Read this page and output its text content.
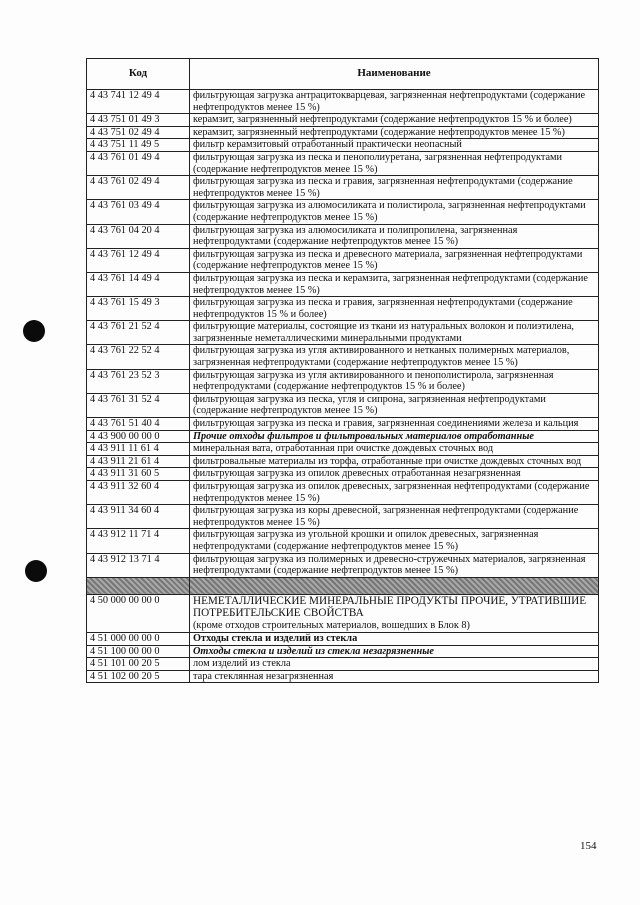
Код	Наименование
4 43 741 12 49 4	фильтрующая загрузка антрацитокварцевая, загрязненная нефтепродуктами (содержание нефтепродуктов менее 15 %)
4 43 751 01 49 3	керамзит, загрязненный нефтепродуктами (содержание нефтепродуктов 15 % и более)
4 43 751 02 49 4	керамзит, загрязненный нефтепродуктами (содержание нефтепродуктов менее 15 %)
4 43 751 11 49 5	фильтр керамзитовый отработанный практически неопасный
4 43 761 01 49 4	фильтрующая загрузка из песка и пенополиуретана, загрязненная нефтепродуктами (содержание нефтепродуктов менее 15 %)
4 43 761 02 49 4	фильтрующая загрузка из песка и гравия, загрязненная нефтепродуктами (содержание нефтепродуктов менее 15 %)
4 43 761 03 49 4	фильтрующая загрузка из алюмосиликата и полистирола, загрязненная нефтепродуктами (содержание нефтепродуктов менее 15 %)
4 43 761 04 20 4	фильтрующая загрузка из алюмосиликата и полипропилена, загрязненная нефтепродуктами (содержание нефтепродуктов менее 15 %)
4 43 761 12 49 4	фильтрующая загрузка из песка и древесного материала, загрязненная нефтепродуктами (содержание нефтепродуктов менее 15 %)
4 43 761 14 49 4	фильтрующая загрузка из песка и керамзита, загрязненная нефтепродуктами (содержание нефтепродуктов менее 15 %)
4 43 761 15 49 3	фильтрующая загрузка из песка и гравия, загрязненная нефтепродуктами (содержание нефтепродуктов 15 % и более)
4 43 761 21 52 4	фильтрующие материалы, состоящие из ткани из натуральных волокон и полиэтилена, загрязненные неметаллическими минеральными продуктами
4 43 761 22 52 4	фильтрующая загрузка из угля активированного и нетканых полимерных материалов, загрязненная нефтепродуктами (содержание нефтепродуктов менее 15 %)
4 43 761 23 52 3	фильтрующая загрузка из угля активированного и пенополистирола, загрязненная нефтепродуктами (содержание нефтепродуктов 15 % и более)
4 43 761 31 52 4	фильтрующая загрузка из песка, угля и сипрона, загрязненная нефтепродуктами (содержание нефтепродуктов менее 15 %)
4 43 761 51 40 4	фильтрующая загрузка из песка и гравия, загрязненная соединениями железа и кальция
4 43 900 00 00 0	Прочие отходы фильтров и фильтровальных материалов отработанные
4 43 911 11 61 4	минеральная вата, отработанная при очистке дождевых сточных вод
4 43 911 21 61 4	фильтровальные материалы из торфа, отработанные при очистке дождевых сточных вод
4 43 911 31 60 5	фильтрующая загрузка из опилок древесных отработанная незагрязненная
4 43 911 32 60 4	фильтрующая загрузка из опилок древесных, загрязненная нефтепродуктами (содержание нефтепродуктов менее 15 %)
4 43 911 34 60 4	фильтрующая загрузка из коры древесной, загрязненная нефтепродуктами (содержание нефтепродуктов менее 15 %)
4 43 912 11 71 4	фильтрующая загрузка из угольной крошки и опилок древесных, загрязненная нефтепродуктами (содержание нефтепродуктов менее 15 %)
4 43 912 13 71 4	фильтрующая загрузка из полимерных и древесно-стружечных материалов, загрязненная нефтепродуктами (содержание нефтепродуктов менее 15 %)

4 50 000 00 00 0	НЕМЕТАЛЛИЧЕСКИЕ МИНЕРАЛЬНЫЕ ПРОДУКТЫ ПРОЧИЕ, УТРАТИВШИЕ ПОТРЕБИТЕЛЬСКИЕ СВОЙСТВА
(кроме отходов строительных материалов, вошедших в Блок 8)

4 51 000 00 00 0	Отходы стекла и изделий из стекла
4 51 100 00 00 0	Отходы стекла и изделий из стекла незагрязненные
4 51 101 00 20 5	лом изделий из стекла
4 51 102 00 20 5	тара стеклянная незагрязненная
154
